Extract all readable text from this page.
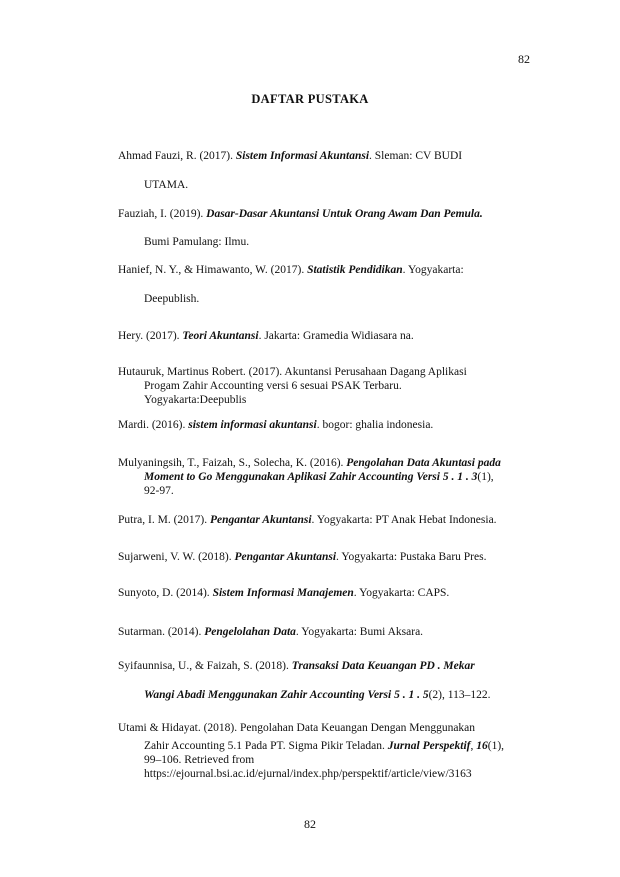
82
DAFTAR PUSTAKA
Ahmad Fauzi, R. (2017). Sistem Informasi Akuntansi. Sleman: CV BUDI
UTAMA.
Fauziah, I. (2019). Dasar-Dasar Akuntansi Untuk Orang Awam Dan Pemula.
Bumi Pamulang: Ilmu.
Hanief, N. Y., & Himawanto, W. (2017). Statistik Pendidikan. Yogyakarta:
Deepublish.
Hery. (2017). Teori Akuntansi. Jakarta: Gramedia Widiasara na.
Hutauruk, Martinus Robert. (2017). Akuntansi Perusahaan Dagang Aplikasi
Progam Zahir Accounting versi 6 sesuai PSAK Terbaru.
Yogyakarta:Deepublis
Mardi. (2016). sistem informasi akuntansi. bogor: ghalia indonesia.
Mulyaningsih, T., Faizah, S., Solecha, K. (2016). Pengolahan Data Akuntasi pada
Moment to Go Menggunakan Aplikasi Zahir Accounting Versi 5 . 1 . 3(1),
92-97.
Putra, I. M. (2017). Pengantar Akuntansi. Yogyakarta: PT Anak Hebat Indonesia.
Sujarweni, V. W. (2018). Pengantar Akuntansi. Yogyakarta: Pustaka Baru Pres.
Sunyoto, D. (2014). Sistem Informasi Manajemen. Yogyakarta: CAPS.
Sutarman. (2014). Pengelolahan Data. Yogyakarta: Bumi Aksara.
Syifaunnisa, U., & Faizah, S. (2018). Transaksi Data Keuangan PD . Mekar
Wangi Abadi Menggunakan Zahir Accounting Versi 5 . 1 . 5(2), 113–122.
Utami & Hidayat. (2018). Pengolahan Data Keuangan Dengan Menggunakan
Zahir Accounting 5.1 Pada PT. Sigma Pikir Teladan. Jurnal Perspektif, 16(1),
99–106. Retrieved from
https://ejournal.bsi.ac.id/ejurnal/index.php/perspektif/article/view/3163
82
